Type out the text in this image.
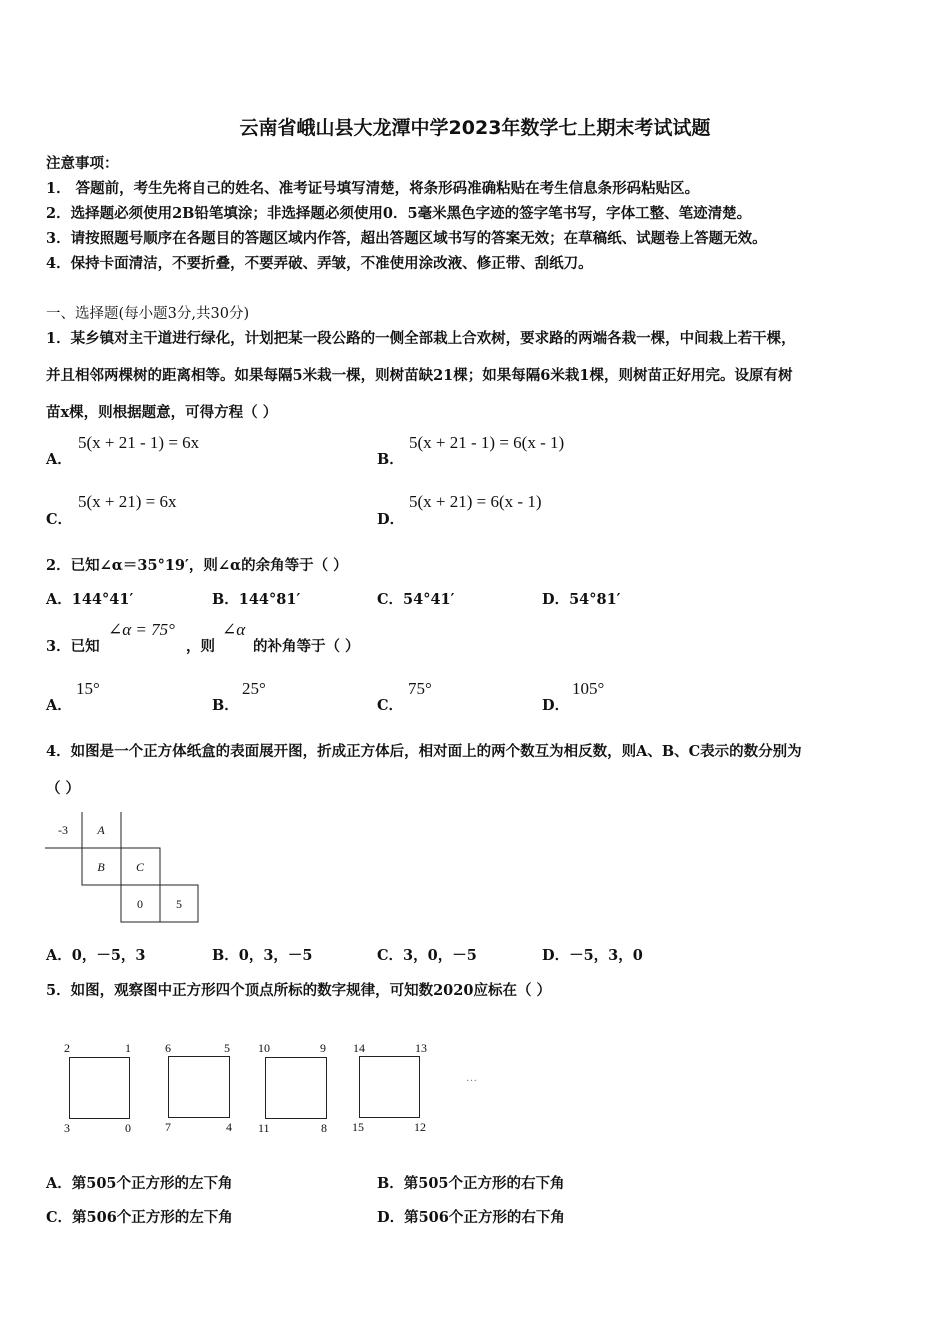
云南省峨山县大龙潭中学2023年数学七上期末考试试题
注意事项：
1． 答题前，考生先将自己的姓名、准考证号填写清楚，将条形码准确粘贴在考生信息条形码粘贴区。
2．选择题必须使用2B铅笔填涂；非选择题必须使用0．5毫米黑色字迹的签字笔书写，字体工整、笔迹清楚。
3．请按照题号顺序在各题目的答题区域内作答，超出答题区域书写的答案无效；在草稿纸、试题卷上答题无效。
4．保持卡面清洁，不要折叠，不要弄破、弄皱，不准使用涂改液、修正带、刮纸刀。
一、选择题(每小题3分,共30分)
1．某乡镇对主干道进行绿化，计划把某一段公路的一侧全部栽上合欢树，要求路的两端各栽一棵，中间栽上若干棵，
并且相邻两棵树的距离相等。如果每隔5米栽一棵，则树苗缺21棵；如果每隔6米栽1棵，则树苗正好用完。设原有树
苗x棵，则根据题意，可得方程（ ）
A．
5(x + 21 - 1) = 6x
B．
5(x + 21 - 1) = 6(x - 1)
C．
5(x + 21) = 6x
D．
5(x + 21) = 6(x - 1)
2．已知∠α＝35°19′，则∠α的余角等于（ ）
A．144°41′	B．144°81′	C．54°41′	D．54°81′
3．已知
∠α = 75°
，则
∠α
的补角等于（ ）
A．
15°
B．
25°
C．
75°
D．
105°
4．如图是一个正方体纸盒的表面展开图，折成正方体后，相对面上的两个数互为相反数，则A、B、C表示的数分别为
（ ）
-3	A
B	C
0	5
A．0，－5，3	B．0，3，－5	C．3，0，－5	D．－5，3，0
5．如图，观察图中正方形四个顶点所标的数字规律，可知数2020应标在（ ）
2	1
3	0
6	5
7	4
10	9
11	8
14	13
15	12
…
A．第505个正方形的左下角	B．第505个正方形的右下角
C．第506个正方形的左下角	D．第506个正方形的右下角
